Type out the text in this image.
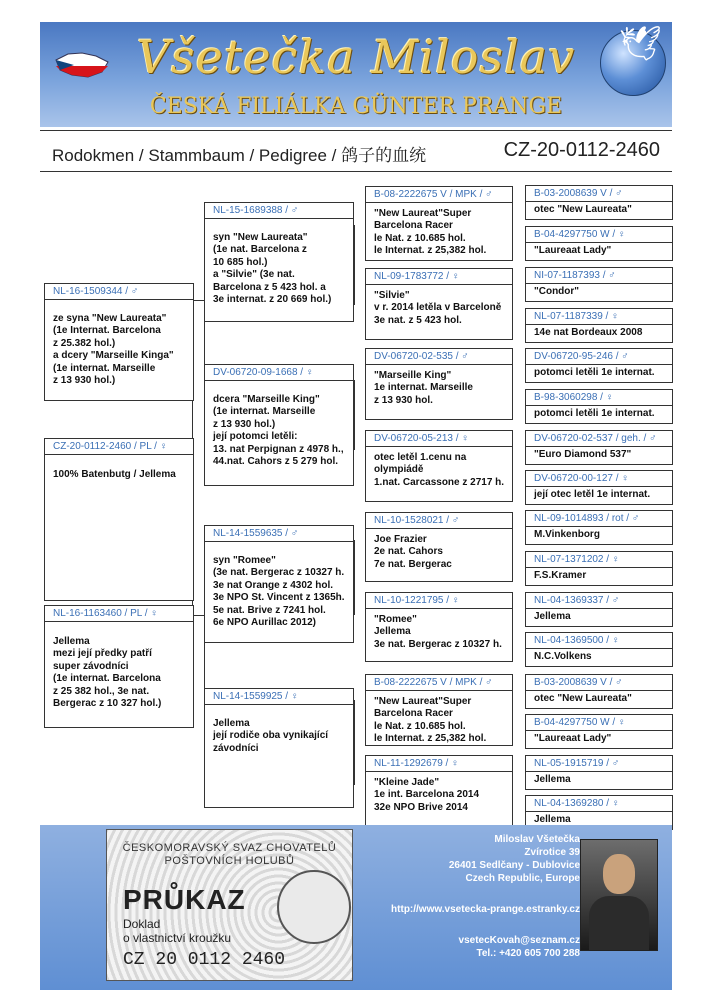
Všetečka Miloslav
ČESKÁ FILIÁLKA GÜNTER PRANGE
🕊
Rodokmen / Stammbaum / Pedigree / 鸽子的血统	CZ-20-0112-2460
CZ-20-0112-2460 / PL / ♀
100% Batenbutg / Jellema
NL-16-1509344 / ♂
ze syna "New Laureata"
(1e Internat. Barcelona
z 25.382 hol.)
a dcery "Marseille Kinga"
(1e internat. Marseille
z 13 930 hol.)
NL-16-1163460 / PL / ♀
Jellema
mezi její předky patří
super závodníci
(1e internat. Barcelona
z 25 382 hol., 3e nat.
Bergerac z 10 327 hol.)
NL-15-1689388 / ♂
syn "New Laureata"
(1e nat. Barcelona z
10 685 hol.)
a "Silvie" (3e nat.
Barcelona z 5 423 hol. a
3e internat. z 20 669 hol.)
DV-06720-09-1668 / ♀
dcera "Marseille King"
(1e internat. Marseille
z 13 930 hol.)
její potomci letěli:
13. nat Perpignan z 4978 h.,
44.nat. Cahors z 5 279 hol.
NL-14-1559635 / ♂
syn "Romee"
(3e nat. Bergerac z 10327 h.
3e nat Orange z 4302 hol.
3e NPO St. Vincent z 1365h.
5e nat. Brive z 7241 hol.
6e NPO Aurillac 2012)
NL-14-1559925 / ♀
Jellema
její rodiče oba vynikající
závodníci
B-08-2222675 V / MPK / ♂
"New Laureat"Super Barcelona Racer
le Nat. z 10.685 hol.
le Internat. z 25,382 hol.
NL-09-1783772 / ♀
"Silvie"
v r. 2014 letěla v Barceloně
3e nat. z 5 423 hol.
DV-06720-02-535 / ♂
"Marseille King"
1e internat. Marseille
z 13 930 hol.
DV-06720-05-213 / ♀
otec letěl 1.cenu na
olympiádě
1.nat. Carcassone z 2717 h.
NL-10-1528021 / ♂
Joe Frazier
2e nat. Cahors
7e nat. Bergerac
NL-10-1221795 / ♀
"Romee"
Jellema
3e nat. Bergerac z 10327 h.
B-08-2222675 V / MPK / ♂
"New Laureat"Super Barcelona Racer
le Nat. z 10.685 hol.
le Internat. z 25,382 hol.
NL-11-1292679 / ♀
"Kleine Jade"
1e int. Barcelona 2014
32e NPO Brive 2014
B-03-2008639 V / ♂
otec "New Laureata"
B-04-4297750 W / ♀
"Laureaat Lady"
NI-07-1187393 / ♂
"Condor"
NL-07-1187339 / ♀
14e nat Bordeaux 2008
DV-06720-95-246 / ♂
potomci letěli 1e internat.
B-98-3060298 / ♀
potomci letěli 1e internat.
DV-06720-02-537 / geh. / ♂
"Euro Diamond 537"
DV-06720-00-127 / ♀
její otec letěl 1e internat.
NL-09-1014893 / rot / ♂
M.Vinkenborg
NL-07-1371202 / ♀
F.S.Kramer
NL-04-1369337 / ♂
Jellema
NL-04-1369500 / ♀
N.C.Volkens
B-03-2008639 V / ♂
otec "New Laureata"
B-04-4297750 W / ♀
"Laureaat Lady"
NL-05-1915719 / ♂
Jellema
NL-04-1369280 / ♀
Jellema
ČESKOMORAVSKÝ SVAZ CHOVATELŮ
POŠTOVNÍCH HOLUBŮ
PRŮKAZ
Doklad
o vlastnictví kroužku
CZ 20 0112 2460
Miloslav Všetečka
Zvírotice 39
26401 Sedlčany - Dublovice
Czech Republic, Europe
http://www.vsetecka-prange.estranky.cz
vsetecKovah@seznam.cz
Tel.: +420 605 700 288
